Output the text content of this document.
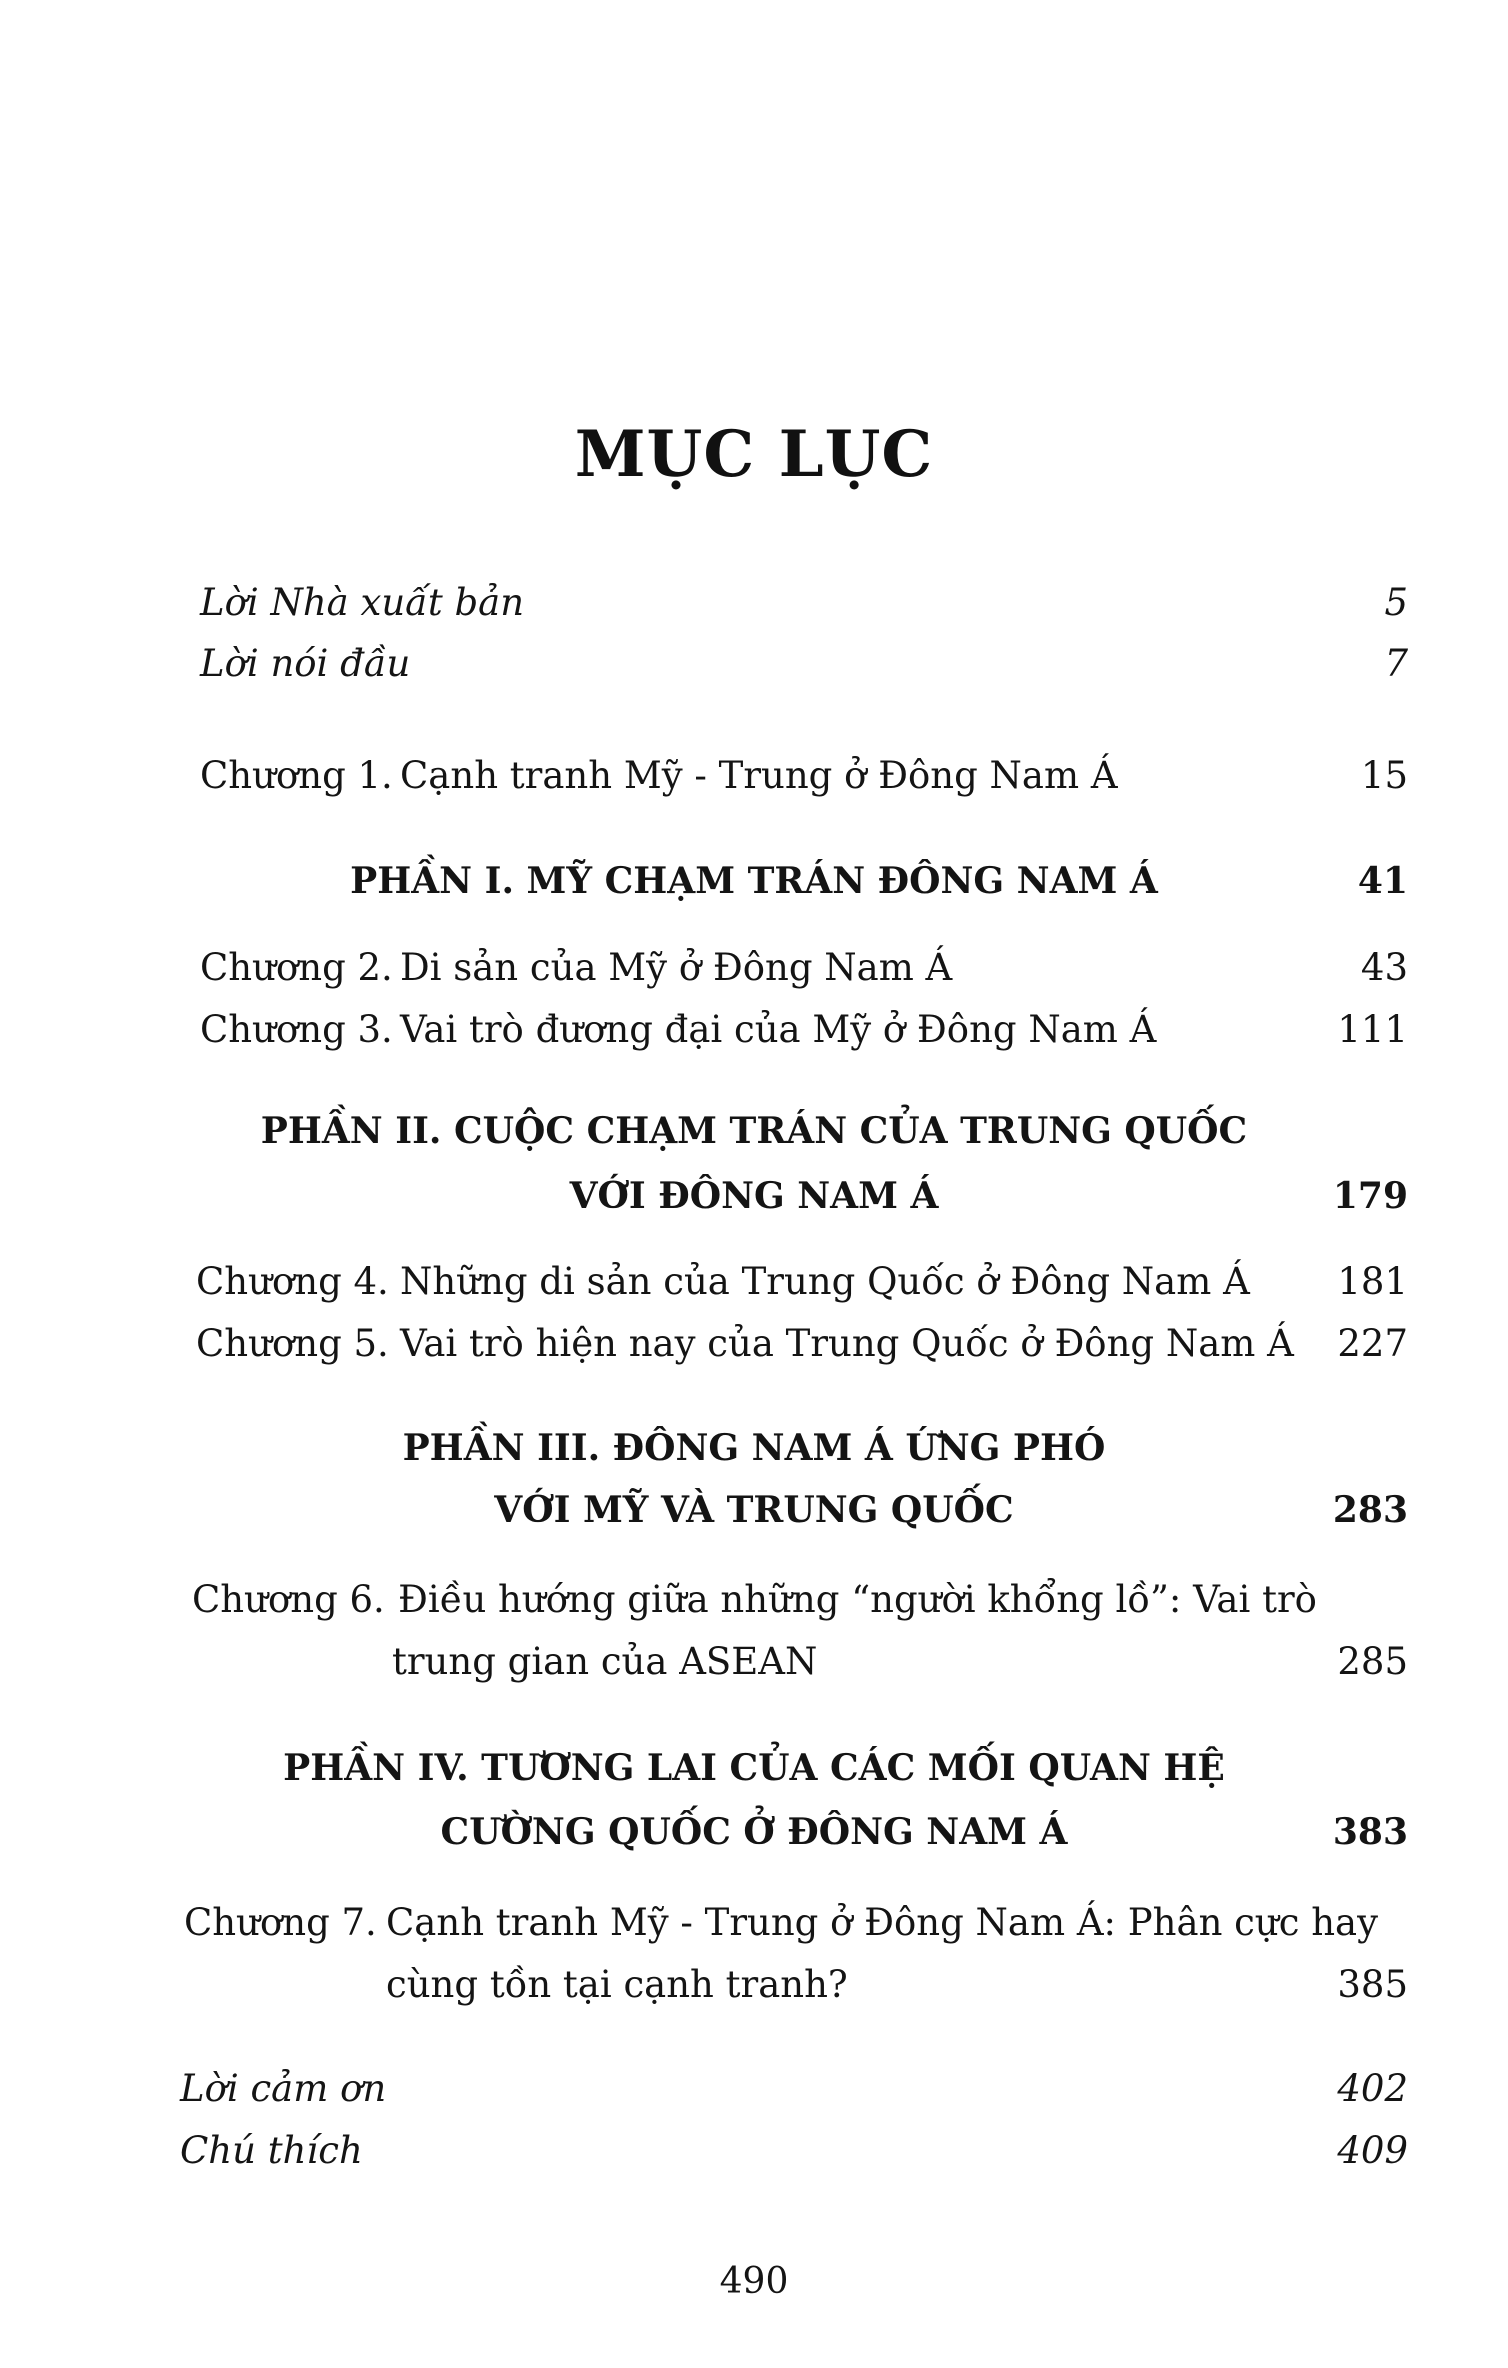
MỤC LỤC
Lời Nhà xuất bản	5
Lời nói đầu	7
Chương 1. Cạnh tranh Mỹ - Trung ở Đông Nam Á	15
PHẦN I. MỸ CHẠM TRÁN ĐÔNG NAM Á	41
Chương 2. Di sản của Mỹ ở Đông Nam Á	43
Chương 3. Vai trò đương đại của Mỹ ở Đông Nam Á	111
PHẦN II. CUỘC CHẠM TRÁN CỦA TRUNG QUỐC
VỚI ĐÔNG NAM Á	179
Chương 4. Những di sản của Trung Quốc ở Đông Nam Á 181
Chương 5. Vai trò hiện nay của Trung Quốc ở Đông Nam Á 227
PHẦN III. ĐÔNG NAM Á ỨNG PHÓ
VỚI MỸ VÀ TRUNG QUỐC	283
Chương 6. Điều hướng giữa những “người khổng lồ”: Vai trò
trung gian của ASEAN	285
PHẦN IV. TƯƠNG LAI CỦA CÁC MỐI QUAN HỆ
CƯỜNG QUỐC Ở ĐÔNG NAM Á	383
Chương 7. Cạnh tranh Mỹ - Trung ở Đông Nam Á: Phân cực hay
cùng tồn tại cạnh tranh?	385
Lời cảm ơn	402
Chú thích	409
490
